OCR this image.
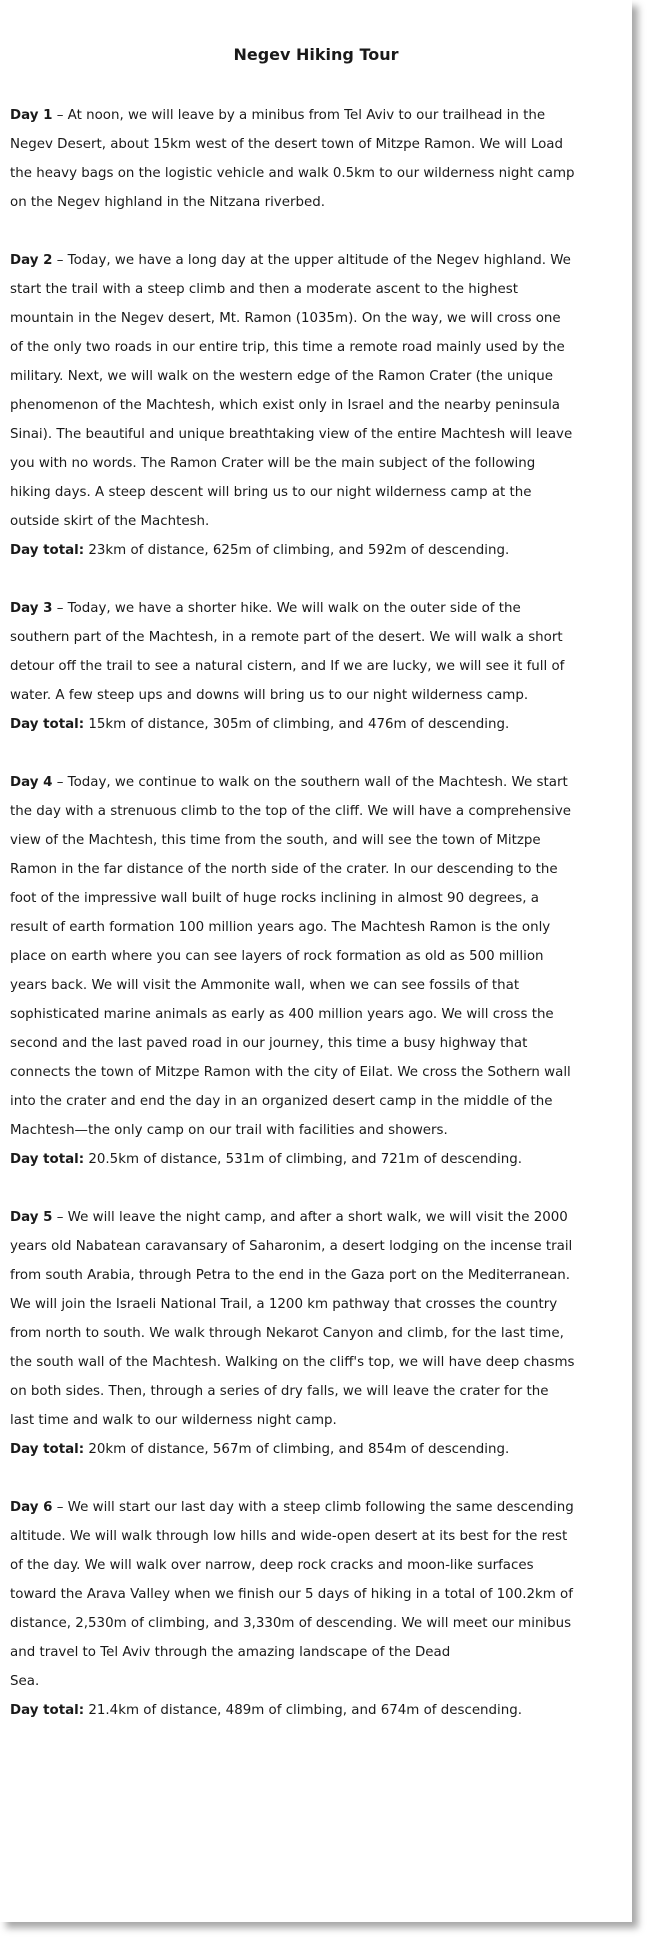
Negev Hiking Tour

Day 1 – At noon, we will leave by a minibus from Tel Aviv to our trailhead in the Negev Desert, about 15km west of the desert town of Mitzpe Ramon. We will Load the heavy bags on the logistic vehicle and walk 0.5km to our wilderness night camp on the Negev highland in the Nitzana riverbed.

Day 2 – Today, we have a long day at the upper altitude of the Negev highland. We start the trail with a steep climb and then a moderate ascent to the highest mountain in the Negev desert, Mt. Ramon (1035m). On the way, we will cross one of the only two roads in our entire trip, this time a remote road mainly used by the military. Next, we will walk on the western edge of the Ramon Crater (the unique phenomenon of the Machtesh, which exist only in Israel and the nearby peninsula Sinai). The beautiful and unique breathtaking view of the entire Machtesh will leave you with no words. The Ramon Crater will be the main subject of the following hiking days. A steep descent will bring us to our night wilderness camp at the outside skirt of the Machtesh.

Day total: 23km of distance, 625m of climbing, and 592m of descending.

Day 3 – Today, we have a shorter hike. We will walk on the outer side of the southern part of the Machtesh, in a remote part of the desert. We will walk a short detour off the trail to see a natural cistern, and If we are lucky, we will see it full of water. A few steep ups and downs will bring us to our night wilderness camp.

Day total: 15km of distance, 305m of climbing, and 476m of descending.

Day 4 – Today, we continue to walk on the southern wall of the Machtesh. We start the day with a strenuous climb to the top of the cliff. We will have a comprehensive view of the Machtesh, this time from the south, and will see the town of Mitzpe Ramon in the far distance of the north side of the crater. In our descending to the foot of the impressive wall built of huge rocks inclining in almost 90 degrees, a result of earth formation 100 million years ago. The Machtesh Ramon is the only place on earth where you can see layers of rock formation as old as 500 million years back. We will visit the Ammonite wall, when we can see fossils of that sophisticated marine animals as early as 400 million years ago. We will cross the second and the last paved road in our journey, this time a busy highway that connects the town of Mitzpe Ramon with the city of Eilat. We cross the Sothern wall into the crater and end the day in an organized desert camp in the middle of the Machtesh—the only camp on our trail with facilities and showers.

Day total: 20.5km of distance, 531m of climbing, and 721m of descending.

Day 5 – We will leave the night camp, and after a short walk, we will visit the 2000 years old Nabatean caravansary of Saharonim, a desert lodging on the incense trail from south Arabia, through Petra to the end in the Gaza port on the Mediterranean. We will join the Israeli National Trail, a 1200 km pathway that crosses the country from north to south. We walk through Nekarot Canyon and climb, for the last time, the south wall of the Machtesh. Walking on the cliff's top, we will have deep chasms on both sides. Then, through a series of dry falls, we will leave the crater for the last time and walk to our wilderness night camp.

Day total: 20km of distance, 567m of climbing, and 854m of descending.

Day 6 – We will start our last day with a steep climb following the same descending altitude. We will walk through low hills and wide-open desert at its best for the rest of the day. We will walk over narrow, deep rock cracks and moon-like surfaces toward the Arava Valley when we finish our 5 days of hiking in a total of 100.2km of distance, 2,530m of climbing, and 3,330m of descending. We will meet our minibus and travel to Tel Aviv through the amazing landscape of the Dead

Sea.

Day total: 21.4km of distance, 489m of climbing, and 674m of descending.
